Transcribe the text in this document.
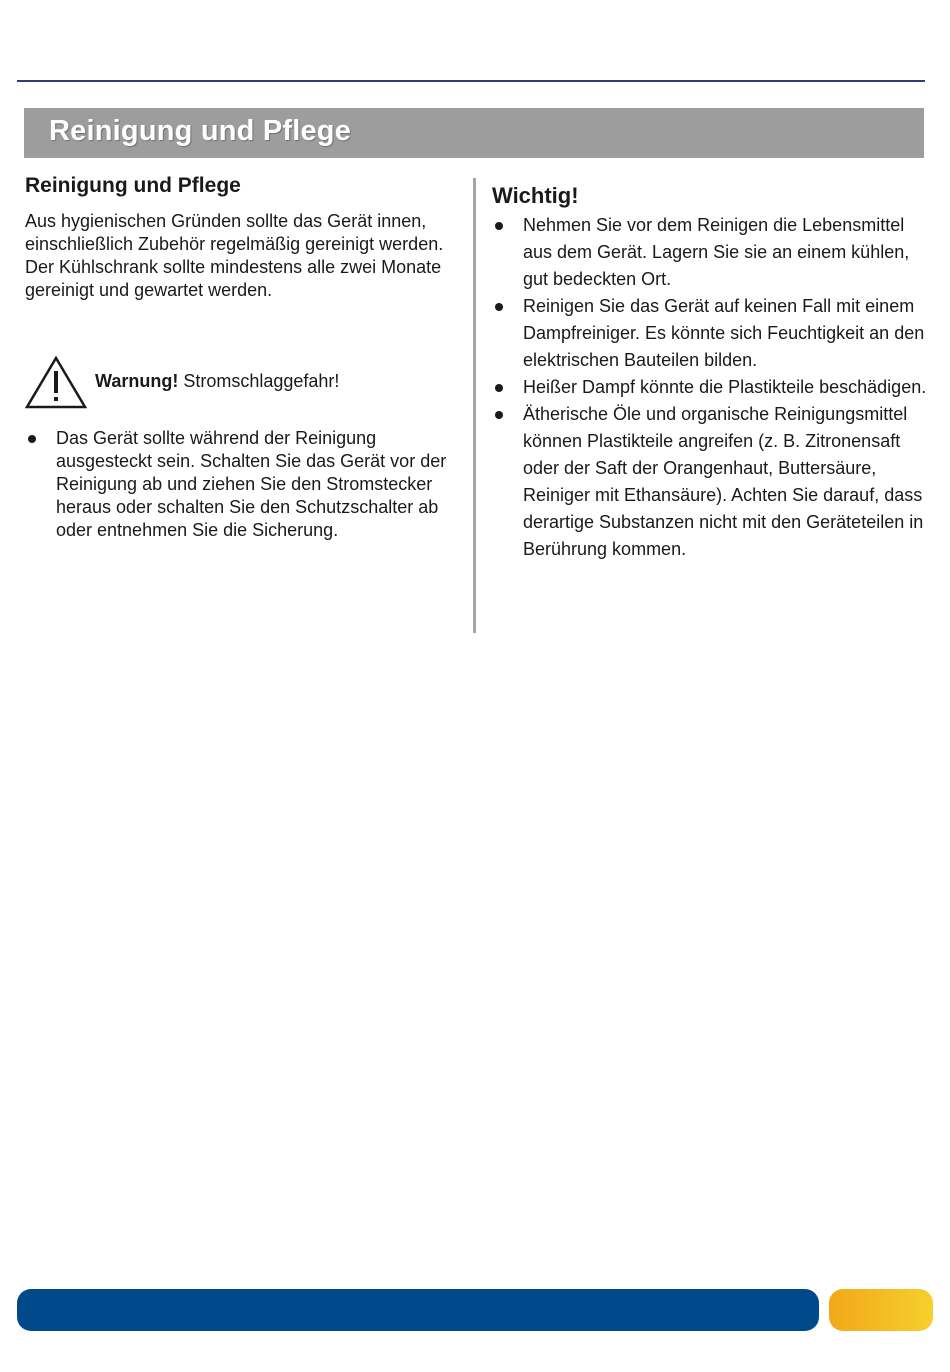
Reinigung und Pflege
Reinigung und Pflege

Aus hygienischen Gründen sollte das Gerät innen, einschließlich Zubehör regelmäßig gereinigt werden.

Der Kühlschrank sollte mindestens alle zwei Monate gereinigt und gewartet werden.

Warnung! Stromschlaggefahr!
Das Gerät sollte während der Reinigung ausgesteckt sein. Schalten Sie das Gerät vor der Reinigung ab und ziehen Sie den Stromstecker heraus oder schalten Sie den Schutzschalter ab oder entnehmen Sie die Sicherung.
Wichtig!
Nehmen Sie vor dem Reinigen die Lebensmittel aus dem Gerät. Lagern Sie sie an einem kühlen, gut bedeckten Ort.
Reinigen Sie das Gerät auf keinen Fall mit einem Dampfreiniger. Es könnte sich Feuchtigkeit an den elektrischen Bauteilen bilden.
Heißer Dampf könnte die Plastikteile beschädigen.
Ätherische Öle und organische Reinigungsmittel können Plastikteile angreifen (z. B. Zitronensaft oder der Saft der Orangenhaut, Buttersäure, Reiniger mit Ethansäure). Achten Sie darauf, dass derartige Substanzen nicht mit den Geräteteilen in Berührung kommen.
